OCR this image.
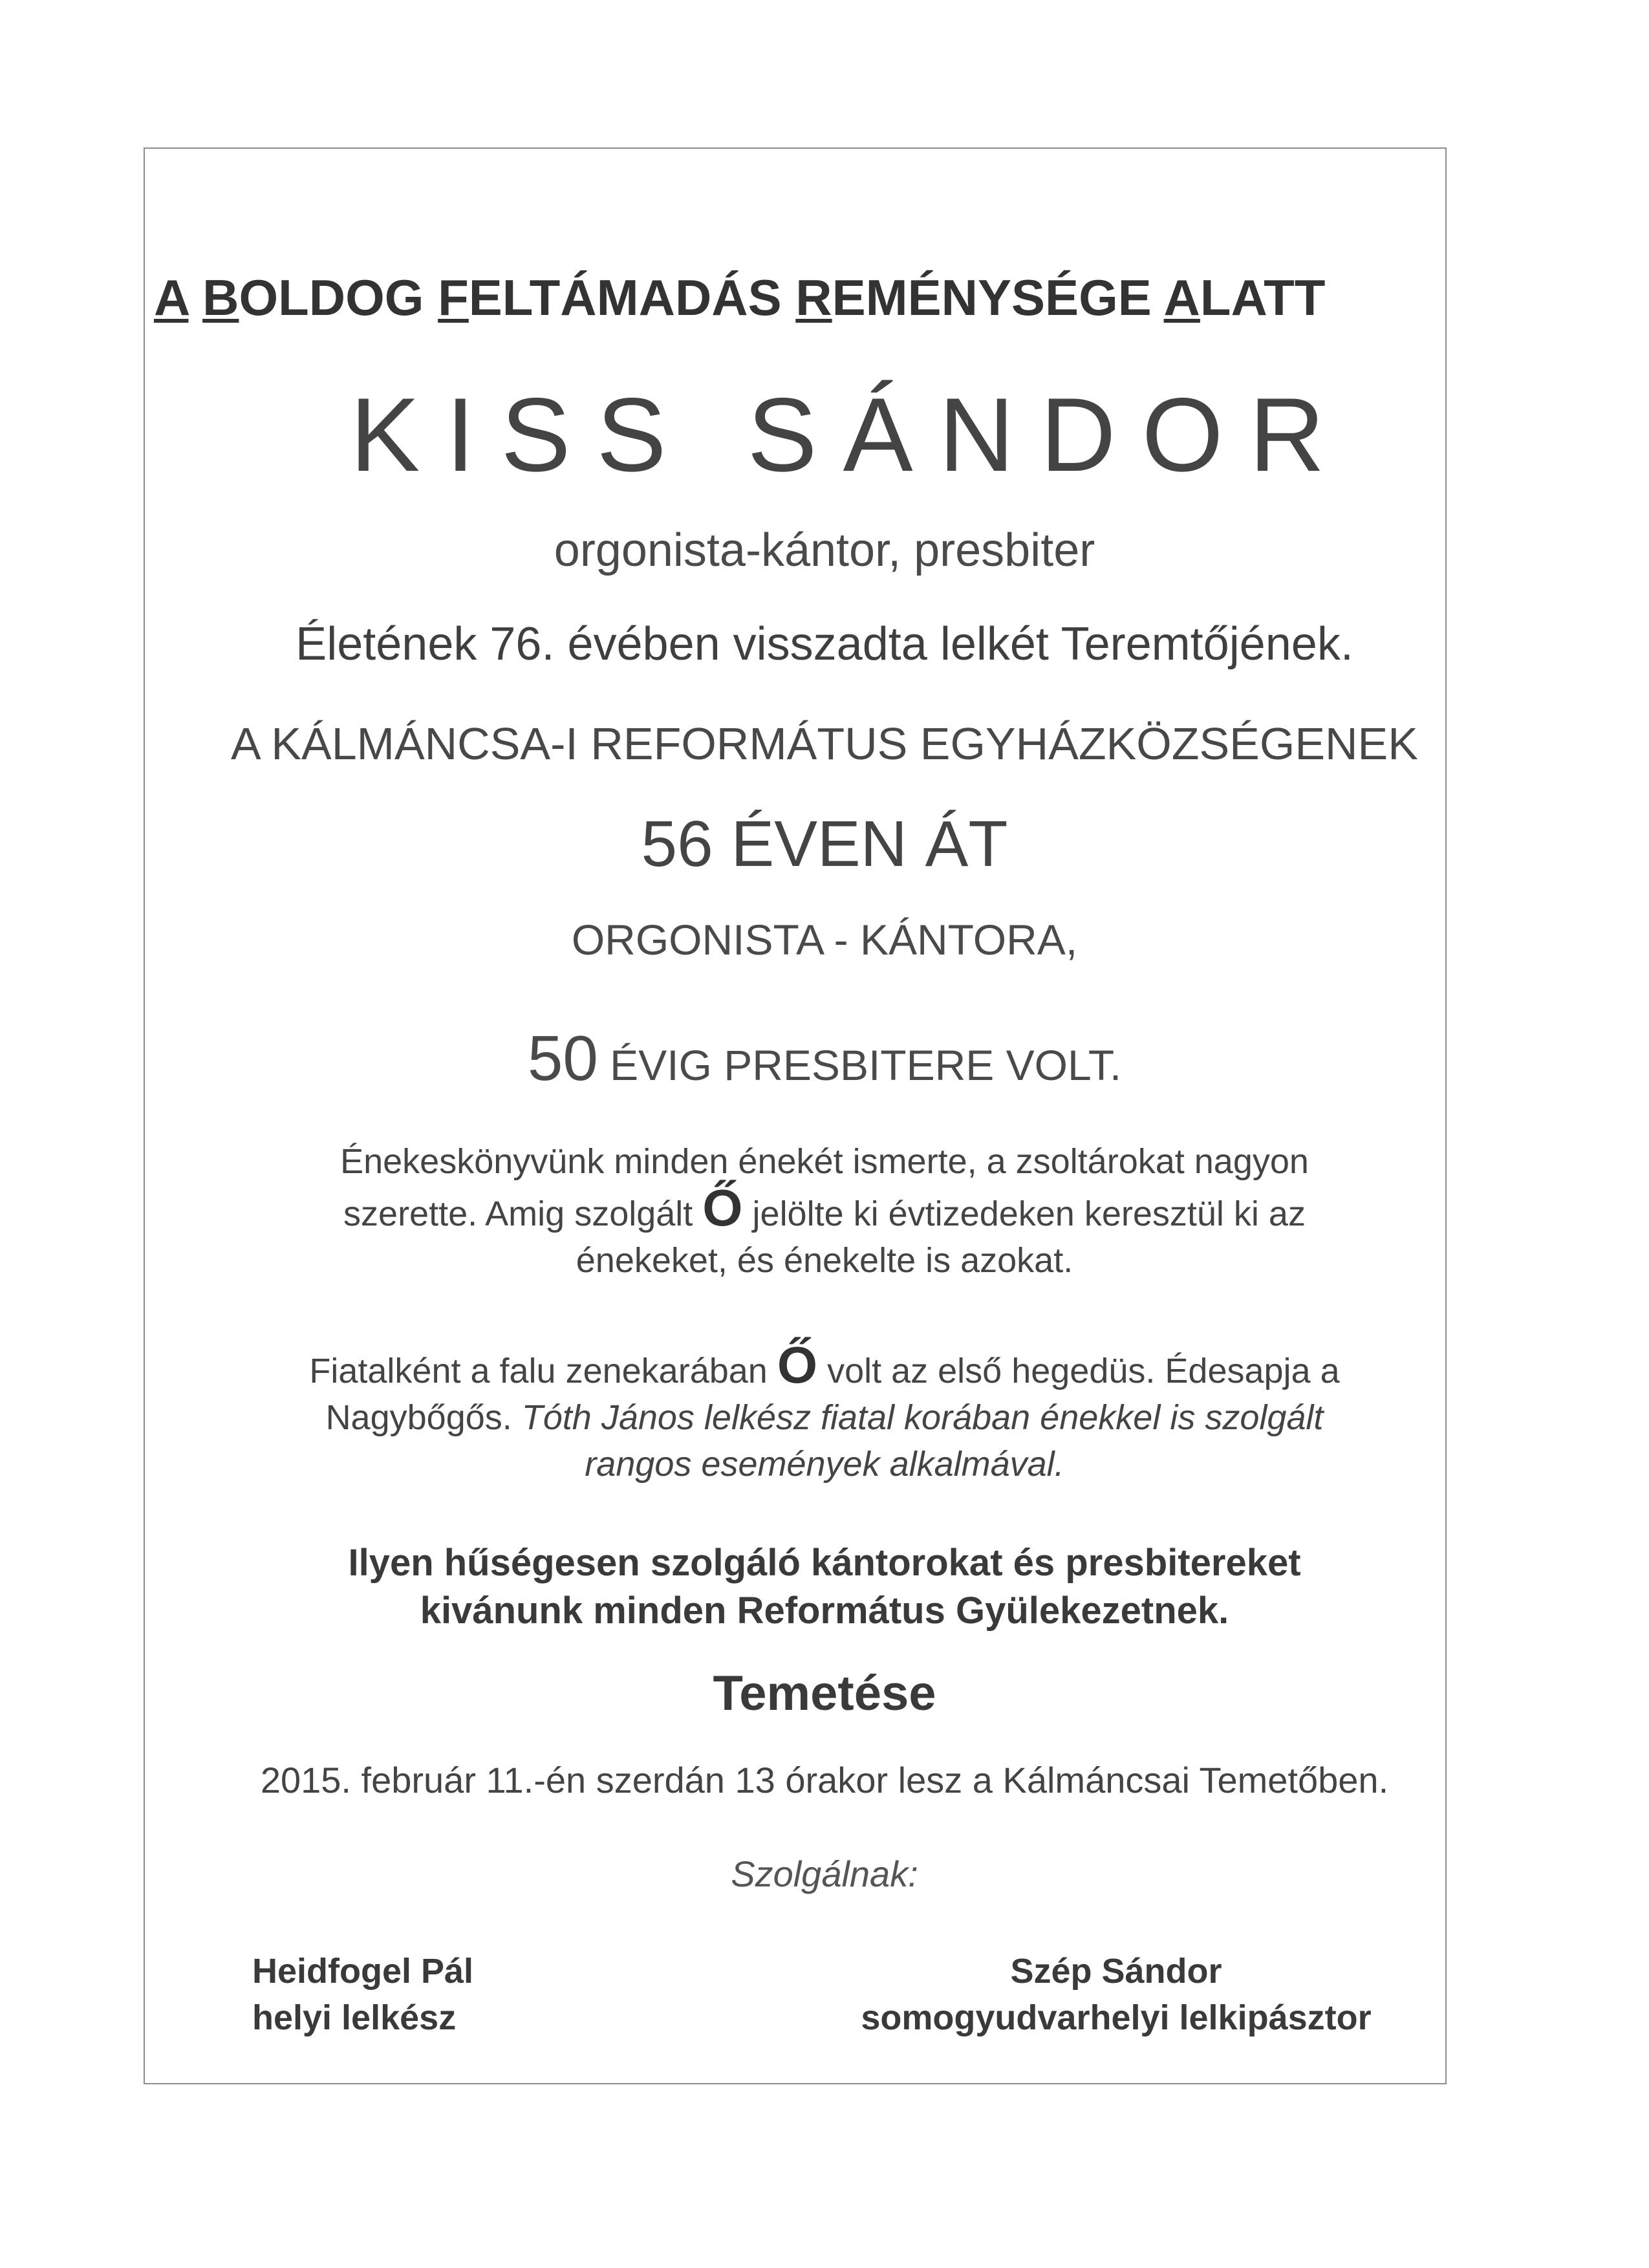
A BOLDOG FELTÁMADÁS REMÉNYSÉGE ALATT
KISS SÁNDOR
orgonista-kántor, presbiter
Életének 76. évében visszadta lelkét Teremtőjének.
A KÁLMÁNCSA-I REFORMÁTUS EGYHÁZKÖZSÉGENEK
56 ÉVEN ÁT
ORGONISTA - KÁNTORA,
50 ÉVIG PRESBITERE VOLT.
Énekeskönyvünk minden énekét ismerte, a zsoltárokat nagyon
szerette. Amig szolgált Ő jelölte ki évtizedeken keresztül ki az
énekeket, és énekelte is azokat.
Fiatalként a falu zenekarában Ő volt az első hegedüs. Édesapja a
Nagybőgős. Tóth János lelkész fiatal korában énekkel is szolgált
rangos események alkalmával.
Ilyen hűségesen szolgáló kántorokat és presbitereket
kivánunk minden Református Gyülekezetnek.
Temetése
2015. február 11.-én szerdán 13 órakor lesz a Kálmáncsai Temetőben.
Szolgálnak:
Heidfogel Pál
helyi lelkész
Szép Sándor
somogyudvarhelyi lelkipásztor
